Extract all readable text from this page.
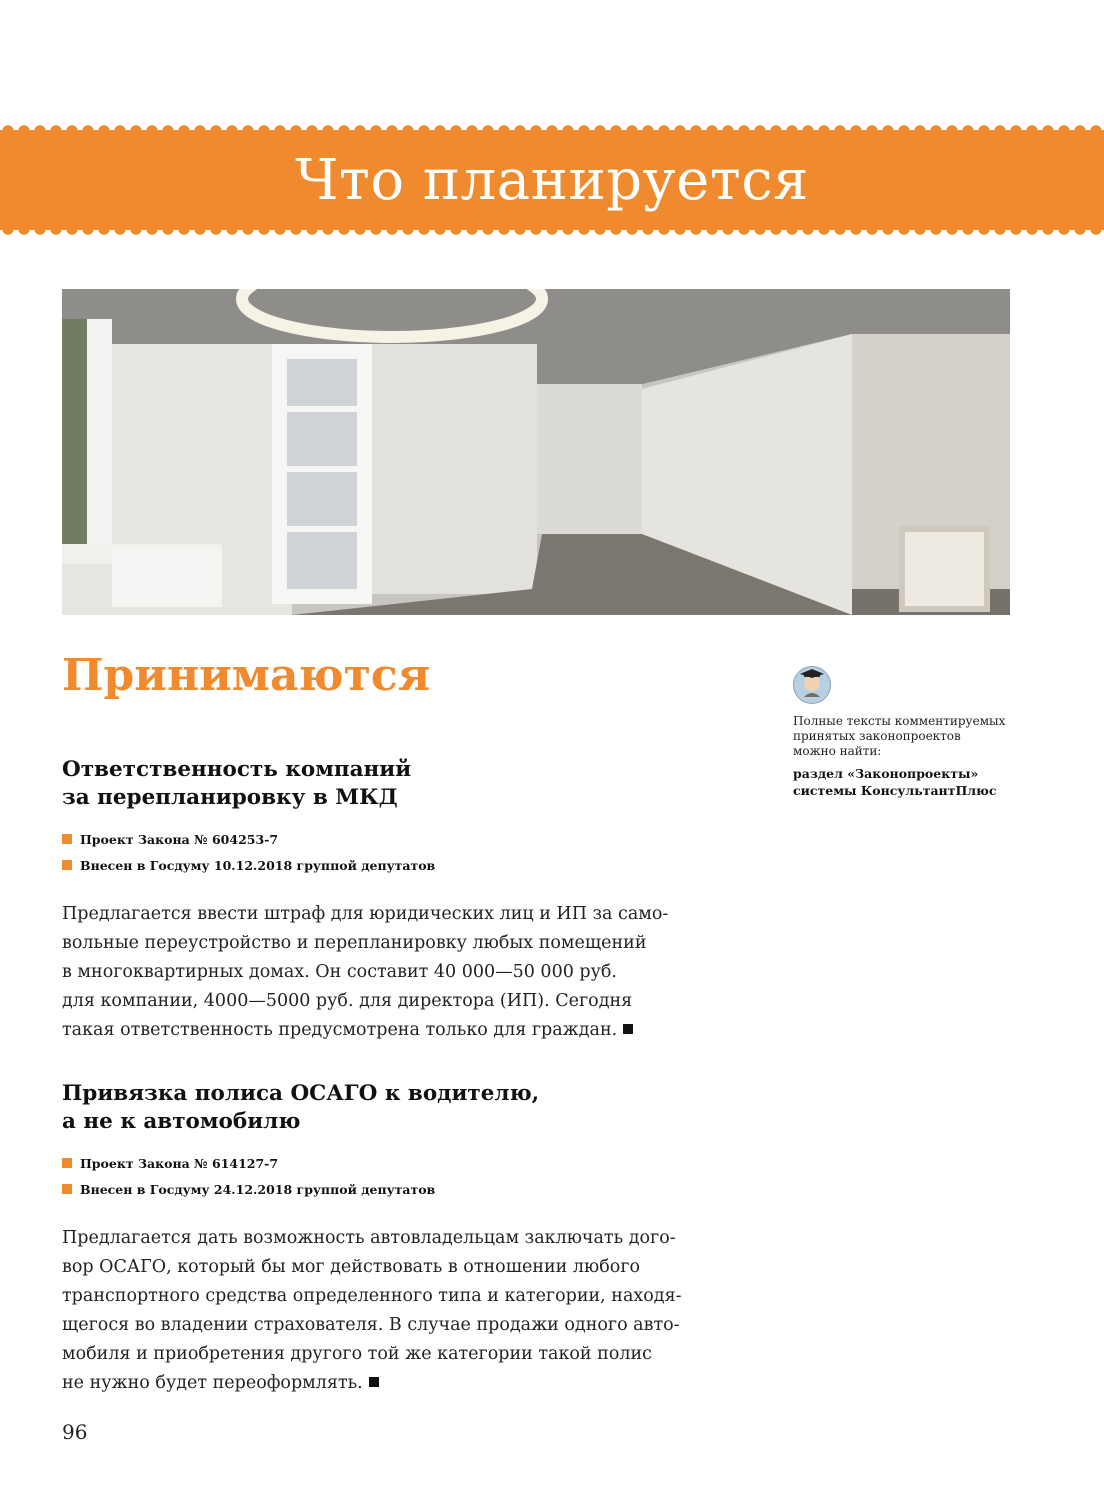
Что планируется
Принимаются
Ответственность компаний
за перепланировку в МКД
Проект Закона № 604253-7
Внесен в Госдуму 10.12.2018 группой депутатов
Предлагается ввести штраф для юридических лиц и ИП за само-
вольные переустройство и перепланировку любых помещений
в многоквартирных домах. Он составит 40 000—50 000 руб.
для компании, 4000—5000 руб. для директора (ИП). Сегодня
такая ответственность предусмотрена только для граждан.
Привязка полиса ОСАГО к водителю,
а не к автомобилю
Проект Закона № 614127-7
Внесен в Госдуму 24.12.2018 группой депутатов
Предлагается дать возможность автовладельцам заключать дого-
вор ОСАГО, который бы мог действовать в отношении любого
транспортного средства определенного типа и категории, находя-
щегося во владении страхователя. В случае продажи одного авто-
мобиля и приобретения другого той же категории такой полис
не нужно будет переоформлять.
Полные тексты комментируемых
принятых законопроектов
можно найти:
раздел «Законопроекты»
системы КонсультантПлюс
96
